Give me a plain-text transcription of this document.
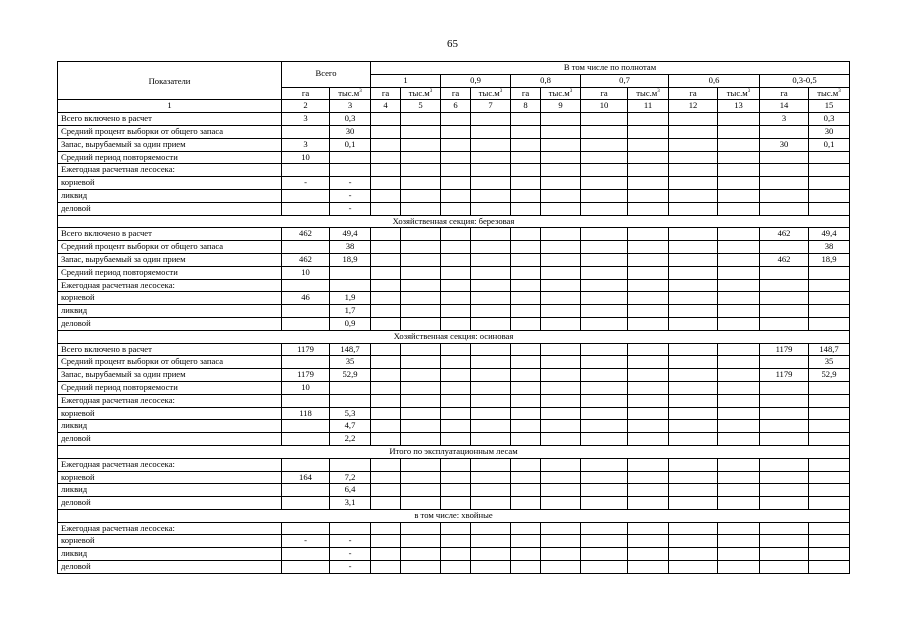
65
Показатели	Всего		В том числе по полнотам											
			1		0,9		0,8		0,7		0,6		0,3-0,5	
	га	$тыс.м^3$	га	$тыс.м^3$	га	$тыс.м^3$	га	$тыс.м^3$	га	$тыс.м^3$	га	$тыс.м^3$	га	$тыс.м^3$
1	2	3	4	5	6	7	8	9	10	11	12	13	14	15
Всего включено в расчет	3	0,3											3	0,3
Средний процент выборки от общего запаса		30												30
Запас, вырубаемый за один прием	3	0,1											30	0,1
Средний период повторяемости	10													
Ежегодная расчетная лесосека:														
корневой	-	-												
ликвид		-												
деловой		-												
Хозяйственная секция: березовая														
Всего включено в расчет	462	49,4											462	49,4
Средний процент выборки от общего запаса		38												38
Запас, вырубаемый за один прием	462	18,9											462	18,9
Средний период повторяемости	10													
Ежегодная расчетная лесосека:														
корневой	46	1,9												
ликвид		1,7												
деловой		0,9												
Хозяйственная секция: осиновая														
Всего включено в расчет	1179	148,7											1179	148,7
Средний процент выборки от общего запаса		35												35
Запас, вырубаемый за один прием	1179	52,9											1179	52,9
Средний период повторяемости	10													
Ежегодная расчетная лесосека:														
корневой	118	5,3												
ликвид		4,7												
деловой		2,2												
Итого по эксплуатационным лесам														
Ежегодная расчетная лесосека:														
корневой	164	7,2												
ликвид		6,4												
деловой		3,1												
в том числе: хвойные														
Ежегодная расчетная лесосека:														
корневой	-	-												
ликвид		-												
деловой		-												
